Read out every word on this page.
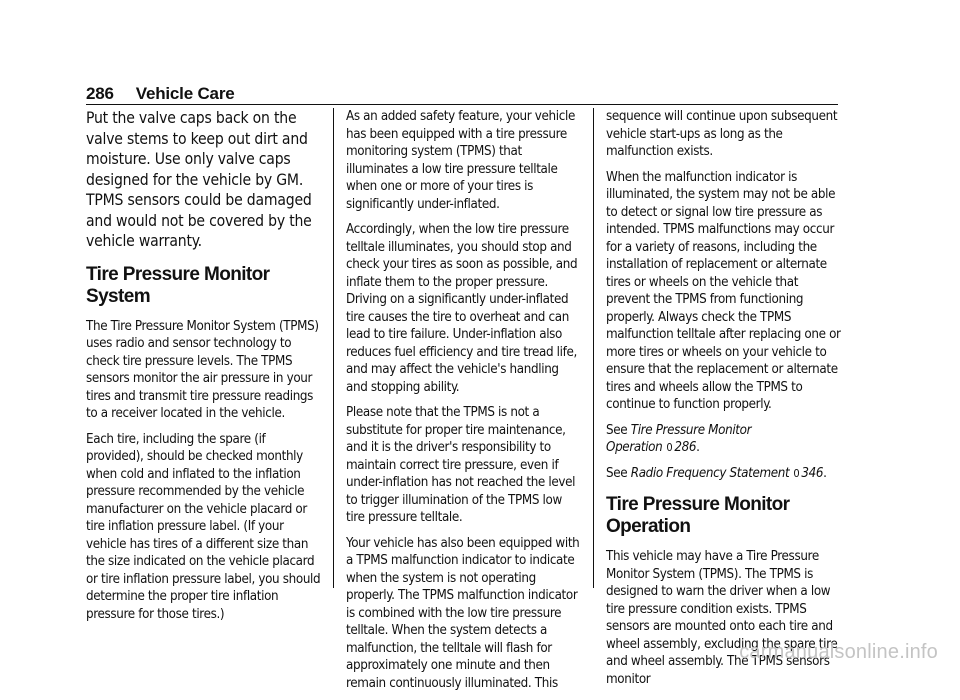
286 Vehicle Care

Put the valve caps back on the valve stems to keep out dirt and moisture. Use only valve caps designed for the vehicle by GM. TPMS sensors could be damaged and would not be covered by the vehicle warranty.

Tire Pressure Monitor System

The Tire Pressure Monitor System (TPMS) uses radio and sensor technology to check tire pressure levels. The TPMS sensors monitor the air pressure in your tires and transmit tire pressure readings to a receiver located in the vehicle.

Each tire, including the spare (if provided), should be checked monthly when cold and inflated to the inflation pressure recommended by the vehicle manufacturer on the vehicle placard or tire inflation pressure label. (If your vehicle has tires of a different size than the size indicated on the vehicle placard or tire inflation pressure label, you should determine the proper tire inflation pressure for those tires.)

As an added safety feature, your vehicle has been equipped with a tire pressure monitoring system (TPMS) that illuminates a low tire pressure telltale when one or more of your tires is significantly under-inflated.

Accordingly, when the low tire pressure telltale illuminates, you should stop and check your tires as soon as possible, and inflate them to the proper pressure. Driving on a significantly under-inflated tire causes the tire to overheat and can lead to tire failure. Under-inflation also reduces fuel efficiency and tire tread life, and may affect the vehicle's handling and stopping ability.

Please note that the TPMS is not a substitute for proper tire maintenance, and it is the driver's responsibility to maintain correct tire pressure, even if under-inflation has not reached the level to trigger illumination of the TPMS low tire pressure telltale.

Your vehicle has also been equipped with a TPMS malfunction indicator to indicate when the system is not operating properly. The TPMS malfunction indicator is combined with the low tire pressure telltale. When the system detects a malfunction, the telltale will flash for approximately one minute and then remain continuously illuminated. This

sequence will continue upon subsequent vehicle start-ups as long as the malfunction exists.

When the malfunction indicator is illuminated, the system may not be able to detect or signal low tire pressure as intended. TPMS malfunctions may occur for a variety of reasons, including the installation of replacement or alternate tires or wheels on the vehicle that prevent the TPMS from functioning properly. Always check the TPMS malfunction telltale after replacing one or more tires or wheels on your vehicle to ensure that the replacement or alternate tires and wheels allow the TPMS to continue to function properly.

See Tire Pressure Monitor Operation 0 286.

See Radio Frequency Statement 0 346.

Tire Pressure Monitor Operation

This vehicle may have a Tire Pressure Monitor System (TPMS). The TPMS is designed to warn the driver when a low tire pressure condition exists. TPMS sensors are mounted onto each tire and wheel assembly, excluding the spare tire and wheel assembly. The TPMS sensors monitor

carmanualsonline.info
